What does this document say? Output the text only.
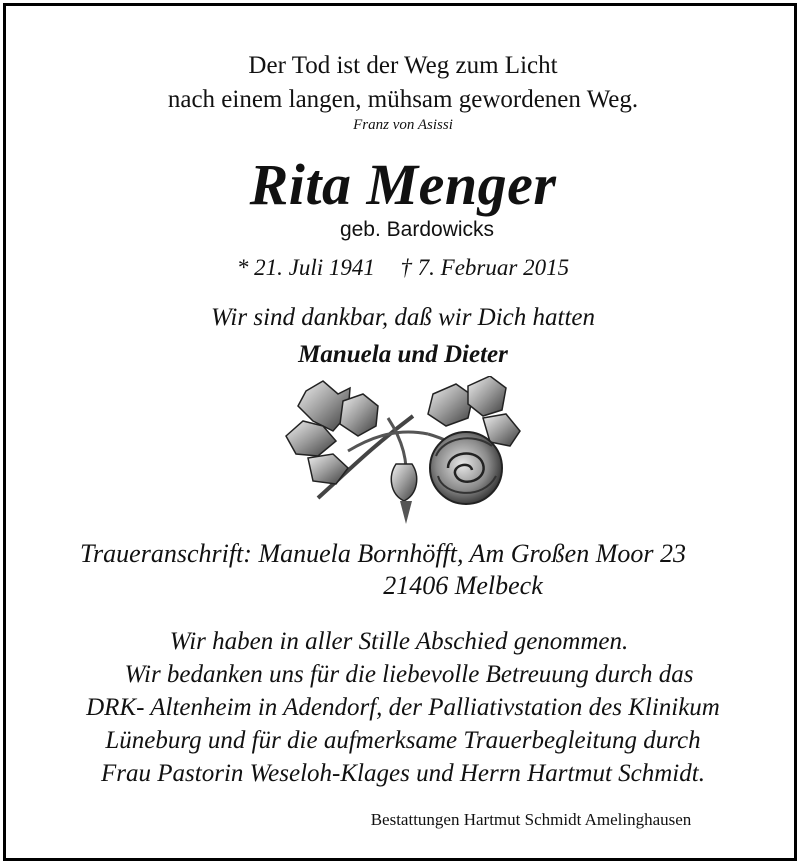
Der Tod ist der Weg zum Licht
nach einem langen, mühsam gewordenen Weg.
Franz von Asissi
Rita Menger
geb. Bardowicks
* 21. Juli 1941 † 7. Februar 2015
Wir sind dankbar, daß wir Dich hatten
Manuela und Dieter
Traueranschrift: Manuela Bornhöfft, Am Großen Moor 23
21406 Melbeck
Wir haben in aller Stille Abschied genommen.
Wir bedanken uns für die liebevolle Betreuung durch das
DRK- Altenheim in Adendorf, der Palliativstation des Klinikum
Lüneburg und für die aufmerksame Trauerbegleitung durch
Frau Pastorin Weseloh-Klages und Herrn Hartmut Schmidt.
Bestattungen Hartmut Schmidt Amelinghausen
